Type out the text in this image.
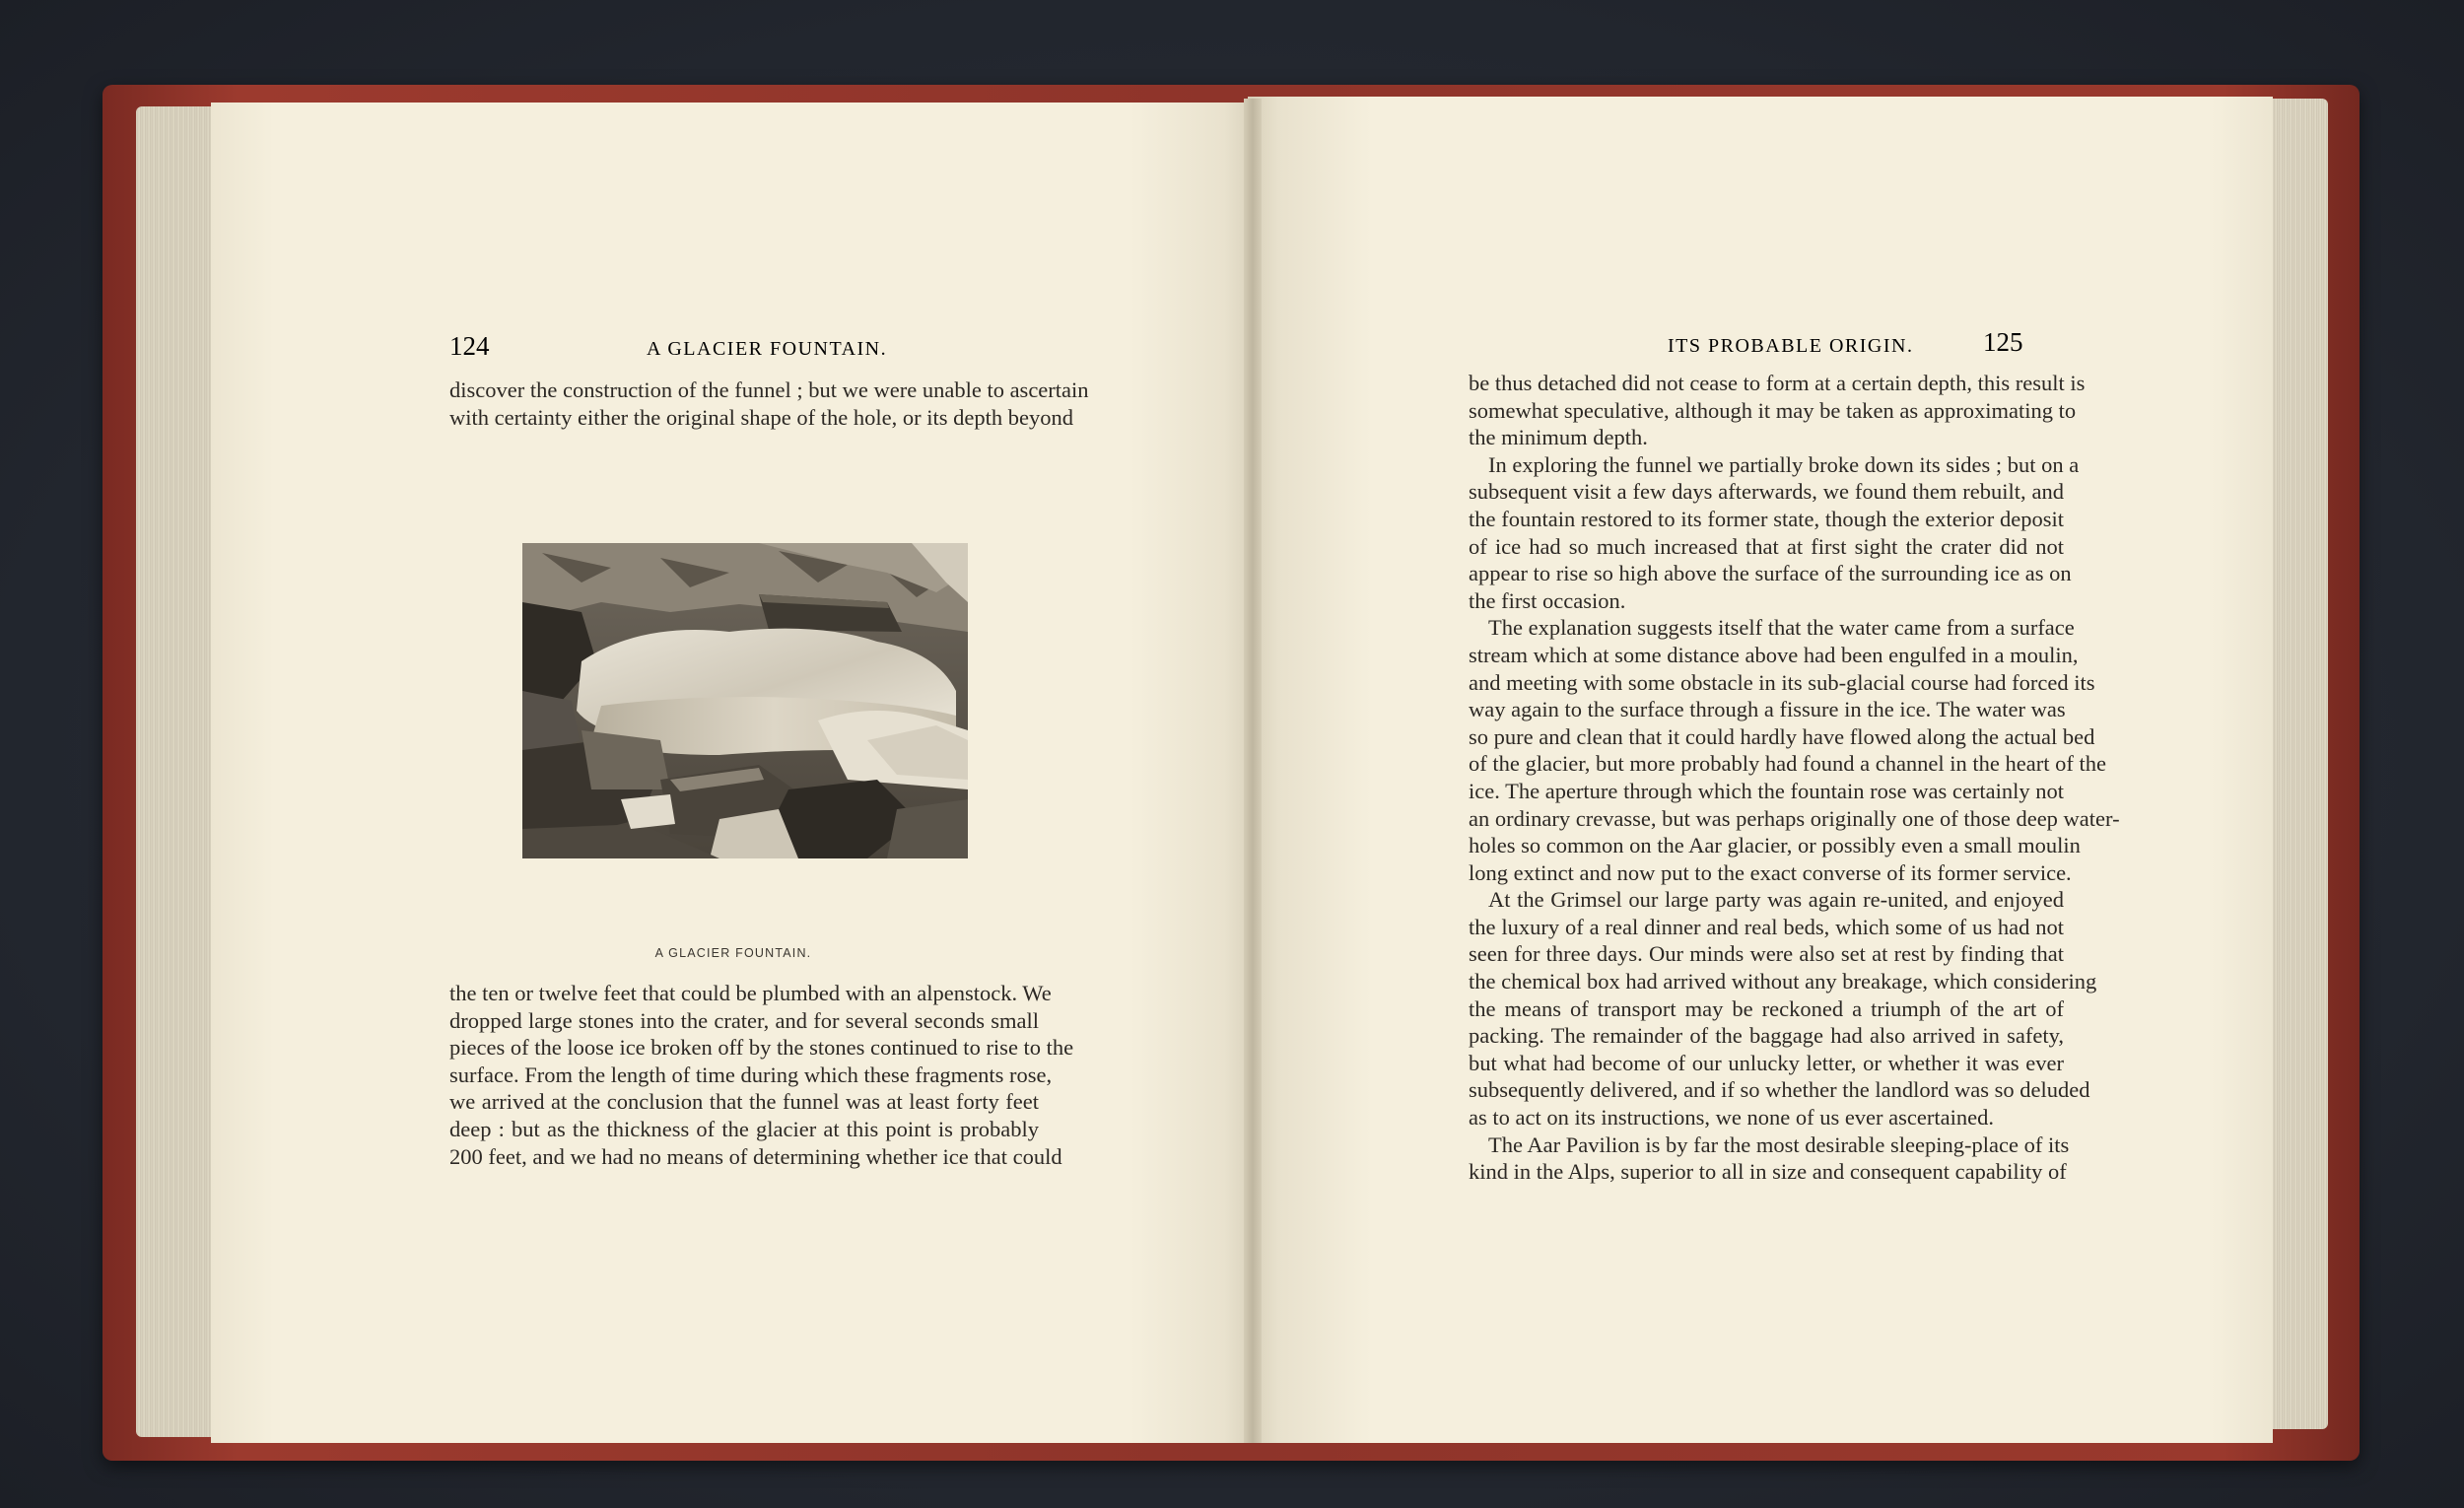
124	A GLACIER FOUNTAIN.
discover the construction of the funnel ; but we were unable to ascertain
with certainty either the original shape of the hole, or its depth beyond
A GLACIER FOUNTAIN.
the ten or twelve feet that could be plumbed with an alpenstock. We
dropped large stones into the crater, and for several seconds small
pieces of the loose ice broken off by the stones continued to rise to the
surface. From the length of time during which these fragments rose,
we arrived at the conclusion that the funnel was at least forty feet
deep : but as the thickness of the glacier at this point is probably
200 feet, and we had no means of determining whether ice that could
ITS PROBABLE ORIGIN.	125
be thus detached did not cease to form at a certain depth, this result is
somewhat speculative, although it may be taken as approximating to
the minimum depth.
In exploring the funnel we partially broke down its sides ; but on a
subsequent visit a few days afterwards, we found them rebuilt, and
the fountain restored to its former state, though the exterior deposit
of ice had so much increased that at first sight the crater did not
appear to rise so high above the surface of the surrounding ice as on
the first occasion.
The explanation suggests itself that the water came from a surface
stream which at some distance above had been engulfed in a moulin,
and meeting with some obstacle in its sub-glacial course had forced its
way again to the surface through a fissure in the ice. The water was
so pure and clean that it could hardly have flowed along the actual bed
of the glacier, but more probably had found a channel in the heart of the
ice. The aperture through which the fountain rose was certainly not
an ordinary crevasse, but was perhaps originally one of those deep water-
holes so common on the Aar glacier, or possibly even a small moulin
long extinct and now put to the exact converse of its former service.
At the Grimsel our large party was again re-united, and enjoyed
the luxury of a real dinner and real beds, which some of us had not
seen for three days. Our minds were also set at rest by finding that
the chemical box had arrived without any breakage, which considering
the means of transport may be reckoned a triumph of the art of
packing. The remainder of the baggage had also arrived in safety,
but what had become of our unlucky letter, or whether it was ever
subsequently delivered, and if so whether the landlord was so deluded
as to act on its instructions, we none of us ever ascertained.
The Aar Pavilion is by far the most desirable sleeping-place of its
kind in the Alps, superior to all in size and consequent capability of
